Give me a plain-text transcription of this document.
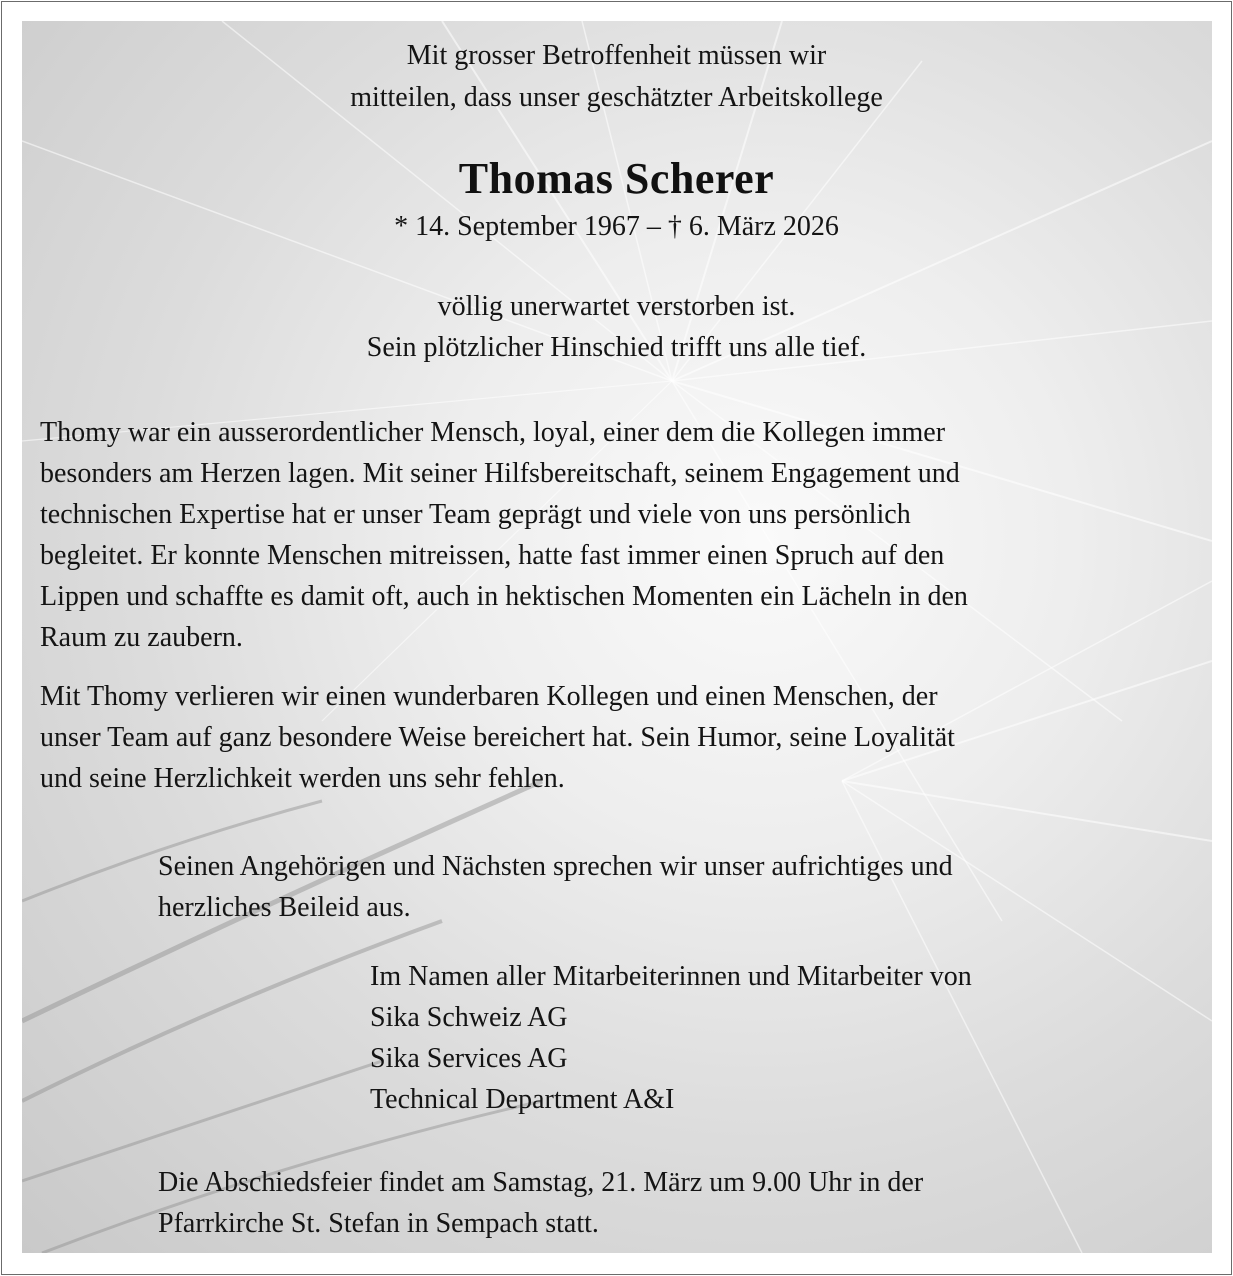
Mit grosser Betroffenheit müssen wir
mitteilen, dass unser geschätzter Arbeitskollege
Thomas Scherer
* 14. September 1967 – † 6. März 2026
völlig unerwartet verstorben ist.
Sein plötzlicher Hinschied trifft uns alle tief.
Thomy war ein ausserordentlicher Mensch, loyal, einer dem die Kollegen immer
besonders am Herzen lagen. Mit seiner Hilfsbereitschaft, seinem Engagement und
technischen Expertise hat er unser Team geprägt und viele von uns persönlich
begleitet. Er konnte Menschen mitreissen, hatte fast immer einen Spruch auf den
Lippen und schaffte es damit oft, auch in hektischen Momenten ein Lächeln in den
Raum zu zaubern.
Mit Thomy verlieren wir einen wunderbaren Kollegen und einen Menschen, der
unser Team auf ganz besondere Weise bereichert hat. Sein Humor, seine Loyalität
und seine Herzlichkeit werden uns sehr fehlen.
Seinen Angehörigen und Nächsten sprechen wir unser aufrichtiges und
herzliches Beileid aus.
Im Namen aller Mitarbeiterinnen und Mitarbeiter von
Sika Schweiz AG
Sika Services AG
Technical Department A&I
Die Abschiedsfeier findet am Samstag, 21. März um 9.00 Uhr in der
Pfarrkirche St. Stefan in Sempach statt.
